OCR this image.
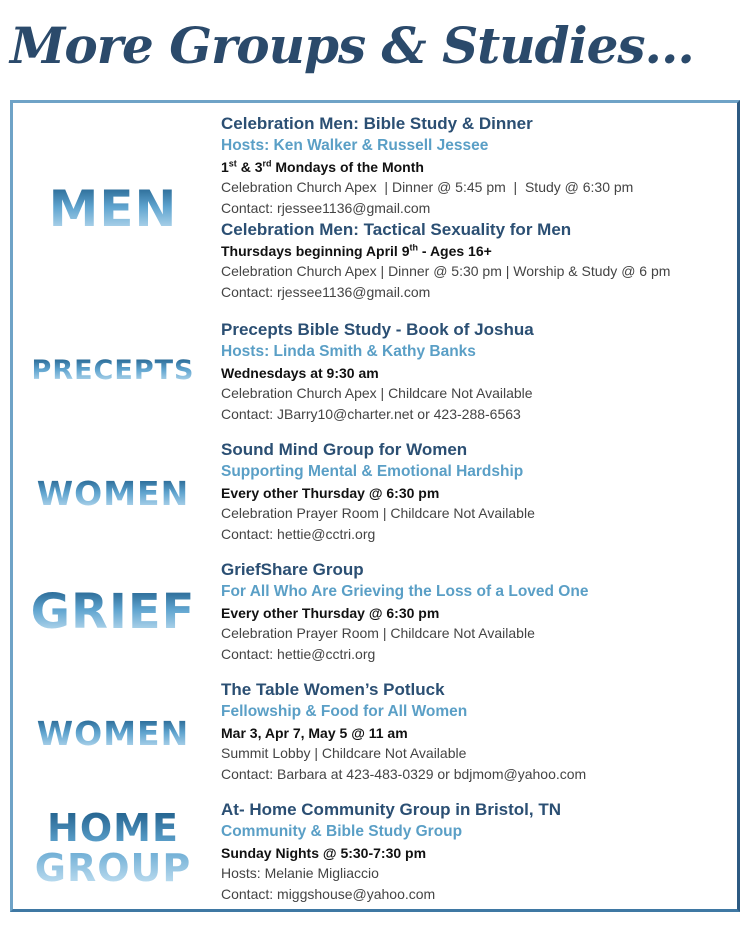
More Groups & Studies...
MEN
Celebration Men: Bible Study & Dinner
Hosts: Ken Walker & Russell Jessee
1st & 3rd Mondays of the Month
Celebration Church Apex  | Dinner @ 5:45 pm  |  Study @ 6:30 pm
Contact: rjessee1136@gmail.com
Celebration Men: Tactical Sexuality for Men
Thursdays beginning April 9th - Ages 16+
Celebration Church Apex | Dinner @ 5:30 pm | Worship & Study @ 6 pm
Contact: rjessee1136@gmail.com
PRECEPTS
Precepts Bible Study - Book of Joshua
Hosts: Linda Smith & Kathy Banks
Wednesdays at 9:30 am
Celebration Church Apex | Childcare Not Available
Contact: JBarry10@charter.net or 423-288-6563
WOMEN
Sound Mind Group for Women
Supporting Mental & Emotional Hardship
Every other Thursday @ 6:30 pm
Celebration Prayer Room | Childcare Not Available
Contact: hettie@cctri.org
GRIEF
GriefShare Group
For All Who Are Grieving the Loss of a Loved One
Every other Thursday @ 6:30 pm
Celebration Prayer Room | Childcare Not Available
Contact: hettie@cctri.org
WOMEN
The Table Women’s Potluck
Fellowship & Food for All Women
Mar 3, Apr 7, May 5 @ 11 am
Summit Lobby | Childcare Not Available
Contact: Barbara at 423-483-0329 or bdjmom@yahoo.com
HOME
GROUP
At- Home Community Group in Bristol, TN
Community & Bible Study Group
Sunday Nights @ 5:30-7:30 pm
Hosts: Melanie Migliaccio
Contact: miggshouse@yahoo.com
